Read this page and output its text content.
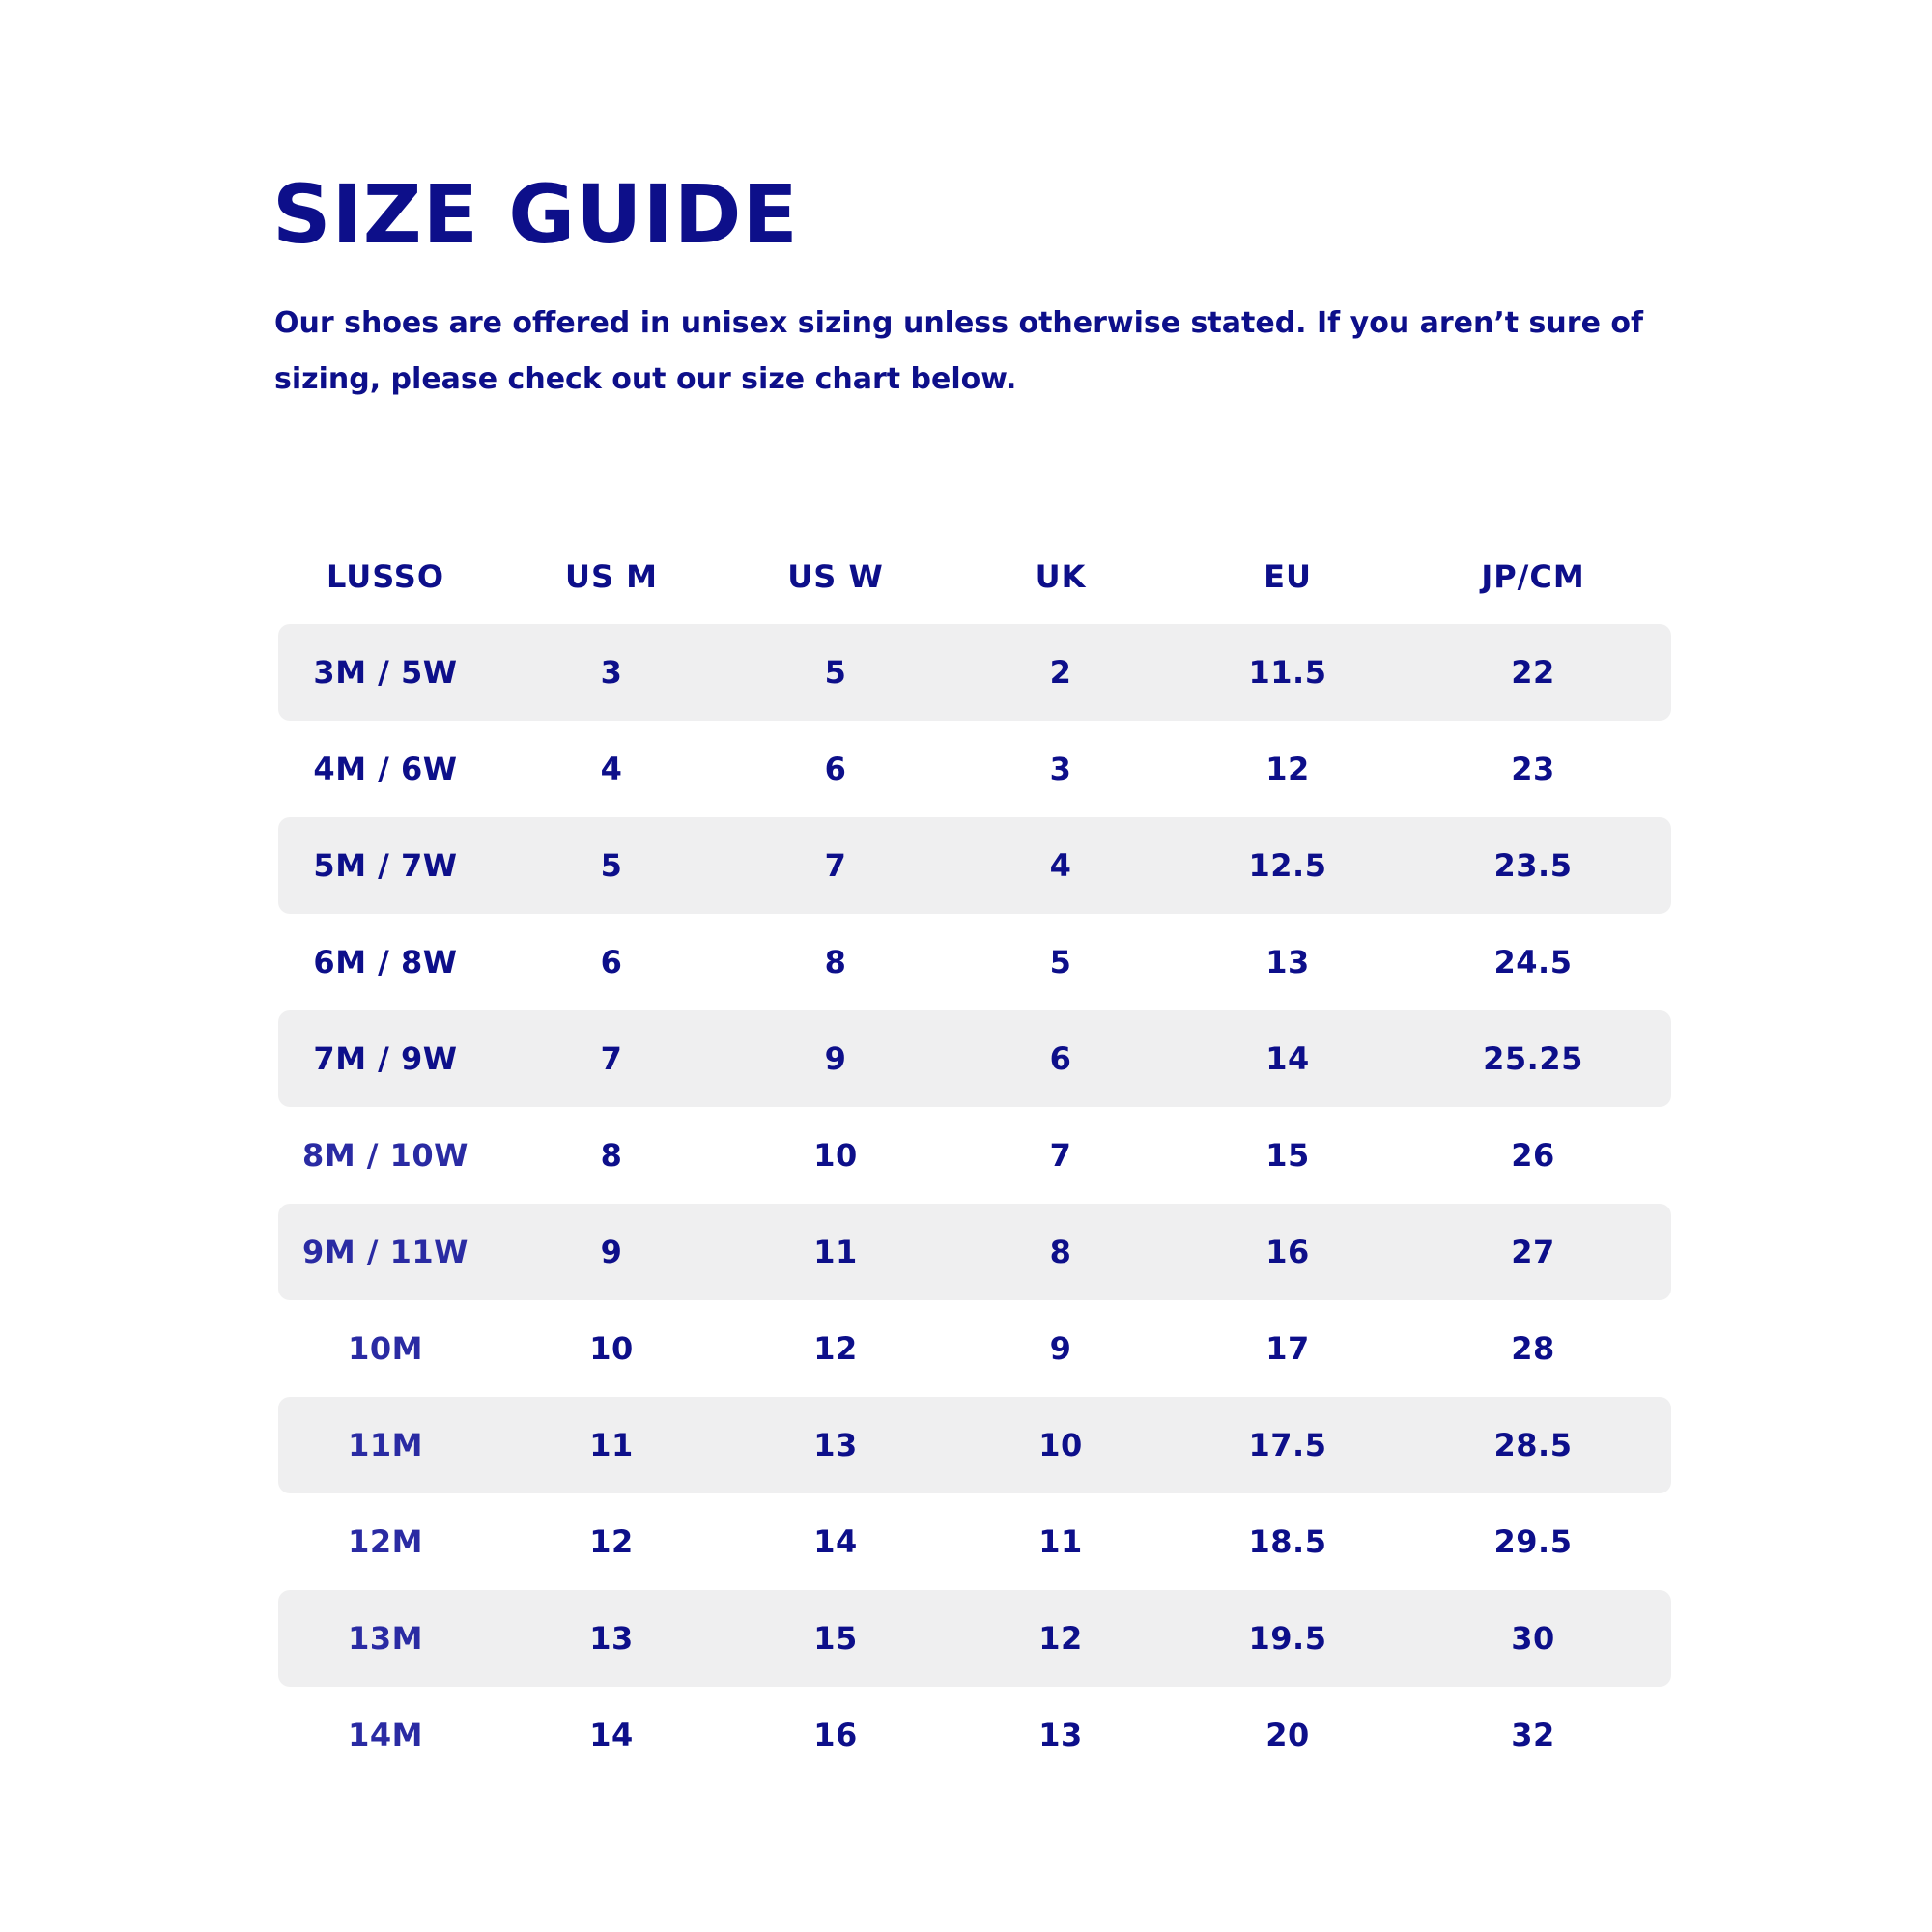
SIZE GUIDE

Our shoes are offered in unisex sizing unless otherwise stated. If you aren’t sure of sizing, please check out our size chart below.

LUSSO	US M	US W	UK	EU	JP/CM
3M / 5W	3	5	2	11.5	22
4M / 6W	4	6	3	12	23
5M / 7W	5	7	4	12.5	23.5
6M / 8W	6	8	5	13	24.5
7M / 9W	7	9	6	14	25.25
8M / 10W	8	10	7	15	26
9M / 11W	9	11	8	16	27
10M	10	12	9	17	28
11M	11	13	10	17.5	28.5
12M	12	14	11	18.5	29.5
13M	13	15	12	19.5	30
14M	14	16	13	20	32
